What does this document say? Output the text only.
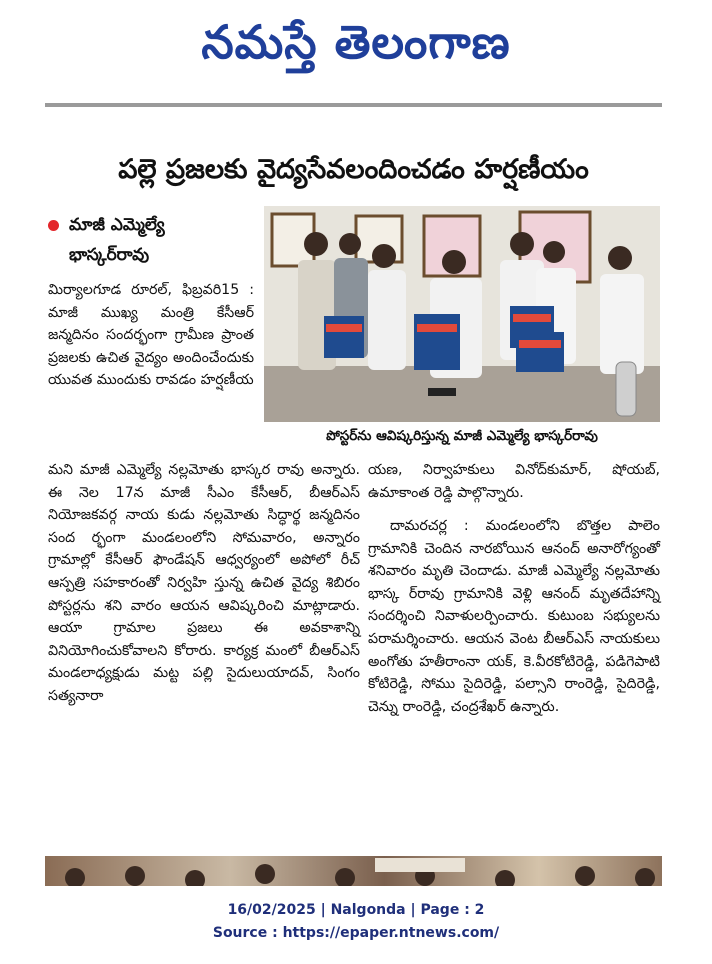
నమస్తే తెలంగాణ
పల్లె ప్రజలకు వైద్యసేవలందించడం హర్షణీయం
మాజీ ఎమ్మెల్యే
భాస్కర్‌రావు

మిర్యాలగూడ రూరల్, ఫిబ్రవరి15 : మాజీ ముఖ్య మంత్రి కేసీఆర్ జన్మదినం సందర్భంగా గ్రామీణ ప్రాంత ప్రజలకు ఉచిత వైద్యం అందించేందుకు యువత ముందుకు రావడం హర్షణీయ

పోస్టర్‌ను ఆవిష్కరిస్తున్న మాజీ ఎమ్మెల్యే భాస్కర్‌రావు

మని మాజీ ఎమ్మెల్యే నల్లమోతు భాస్కర రావు అన్నారు. ఈ నెల 17న మాజీ సీఎం కేసీఆర్, బీఆర్ఎస్ నియోజకవర్గ నాయ కుడు నల్లమోతు సిద్ధార్థ జన్మదినం సంద ర్భంగా మండలంలోని సోమవారం, అన్నారం గ్రామాల్లో కేసీఆర్ ఫౌండేషన్ ఆధ్వర్యంలో అపోలో రీచ్ ఆస్పత్రి సహకారంతో నిర్వహి స్తున్న ఉచిత వైద్య శిబిరం పోస్టర్లను శని వారం ఆయన ఆవిష్కరించి మాట్లాడారు. ఆయా గ్రామాల ప్రజలు ఈ అవకాశాన్ని వినియోగించుకోవాలని కోరారు. కార్యక్ర మంలో బీఆర్ఎస్ మండలాధ్యక్షుడు మట్ట పల్లి సైదులుయాదవ్, సింగం సత్యనారా

యణ, నిర్వాహకులు వినోద్‌కుమార్, షోయబ్, ఉమాకాంత రెడ్డి పాల్గొన్నారు.

దామరచర్ల : మండలంలోని బొత్తల పాలెం గ్రామానికి చెందిన నారబోయిన ఆనంద్ అనారోగ్యంతో శనివారం మృతి చెందాడు. మాజీ ఎమ్మెల్యే నల్లమోతు భాస్క ర్‌రావు గ్రామానికి వెళ్లి ఆనంద్ మృతదేహాన్ని సందర్శించి నివాళులర్పించారు. కుటుంబ సభ్యులను పరామర్శించారు. ఆయన వెంట బీఆర్ఎస్ నాయకులు అంగోతు హతీరాంనా యక్, కె.వీరకోటిరెడ్డి, పడిగెపాటి కోటిరెడ్డి, సోము సైదిరెడ్డి, పల్సాని రాంరెడ్డి, సైదిరెడ్డి, చెన్ను రాంరెడ్డి, చంద్రశేఖర్ ఉన్నారు.

16/02/2025 | Nalgonda | Page : 2
Source : https://epaper.ntnews.com/
